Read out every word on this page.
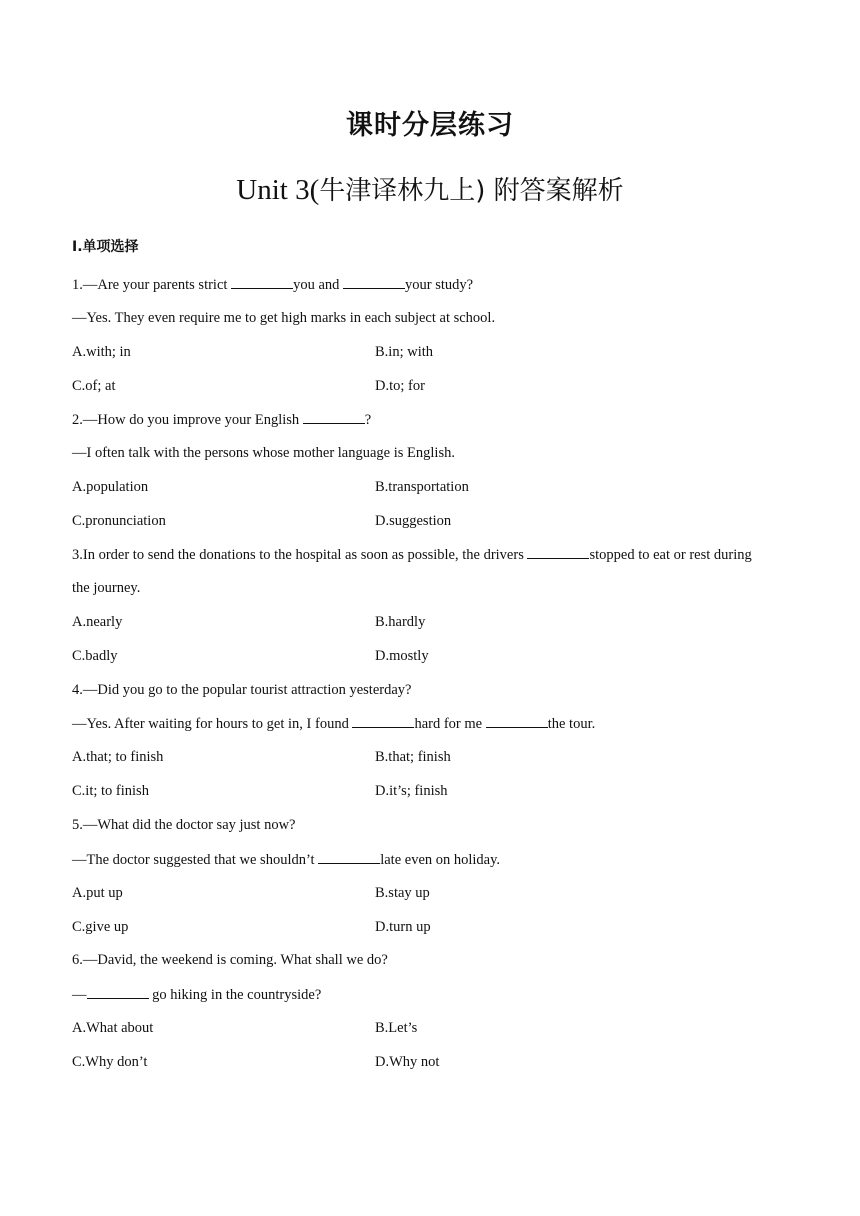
课时分层练习
Unit 3(牛津译林九上) 附答案解析
I.单项选择
1.—Are your parents strict	you and	your study?
—Yes. They even require me to get high marks in each subject at school.
A.with; in	B.in; with
C.of; at	D.to; for
2.—How do you improve your English	?
—I often talk with the persons whose mother language is English.
A.population	B.transportation
C.pronunciation	D.suggestion
3.In order to send the donations to the hospital as soon as possible, the drivers	stopped to eat or rest during
the journey.
A.nearly	B.hardly
C.badly	D.mostly
4.—Did you go to the popular tourist attraction yesterday?
—Yes. After waiting for hours to get in, I found	hard for me	the tour.
A.that; to finish	B.that; finish
C.it; to finish	D.it’s; finish
5.—What did the doctor say just now?
—The doctor suggested that we shouldn’t	late even on holiday.
A.put up	B.stay up
C.give up	D.turn up
6.—David, the weekend is coming. What shall we do?
—	go hiking in the countryside?
A.What about	B.Let’s
C.Why don’t	D.Why not
